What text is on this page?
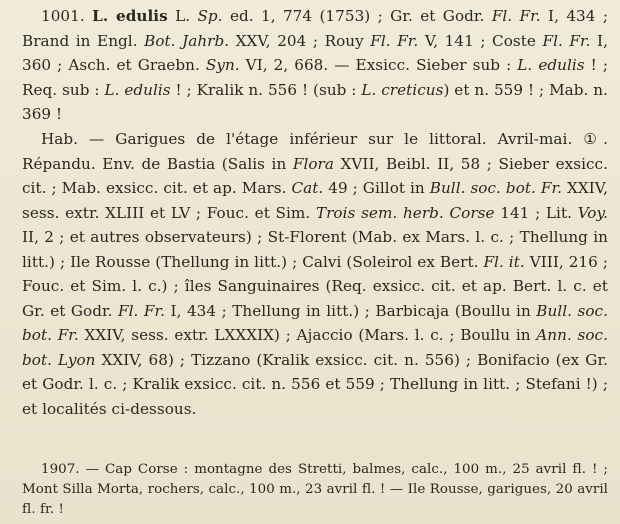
1001. L. edulis L. Sp. ed. 1, 774 (1753) ; Gr. et Godr. Fl. Fr. I, 434 ; Brand in Engl. Bot. Jahrb. XXV, 204 ; Rouy Fl. Fr. V, 141 ; Coste Fl. Fr. I, 360 ; Asch. et Graebn. Syn. VI, 2, 668. — Exsicc. Sieber sub : L. edulis ! ; Req. sub : L. edulis ! ; Kralik n. 556 ! (sub : L. creticus) et n. 559 ! ; Mab. n. 369 !

Hab. — Garigues de l'étage inférieur sur le littoral. Avril-mai. ①. Répandu. Env. de Bastia (Salis in Flora XVII, Beibl. II, 58 ; Sieber exsicc. cit. ; Mab. exsicc. cit. et ap. Mars. Cat. 49 ; Gillot in Bull. soc. bot. Fr. XXIV, sess. extr. XLIII et LV ; Fouc. et Sim. Trois sem. herb. Corse 141 ; Lit. Voy. II, 2 ; et autres observateurs) ; St-Florent (Mab. ex Mars. l. c. ; Thellung in litt.) ; Ile Rousse (Thellung in litt.) ; Calvi (Soleirol ex Bert. Fl. it. VIII, 216 ; Fouc. et Sim. l. c.) ; îles Sanguinaires (Req. exsicc. cit. et ap. Bert. l. c. et Gr. et Godr. Fl. Fr. I, 434 ; Thellung in litt.) ; Barbicaja (Boullu in Bull. soc. bot. Fr. XXIV, sess. extr. LXXXIX) ; Ajaccio (Mars. l. c. ; Boullu in Ann. soc. bot. Lyon XXIV, 68) ; Tizzano (Kralik exsicc. cit. n. 556) ; Bonifacio (ex Gr. et Godr. l. c. ; Kralik exsicc. cit. n. 556 et 559 ; Thellung in litt. ; Stefani !) ; et localités ci-dessous.

1907. — Cap Corse : montagne des Stretti, balmes, calc., 100 m., 25 avril fl. ! ; Mont Silla Morta, rochers, calc., 100 m., 23 avril fl. ! — Ile Rousse, garigues, 20 avril fl. fr. !
